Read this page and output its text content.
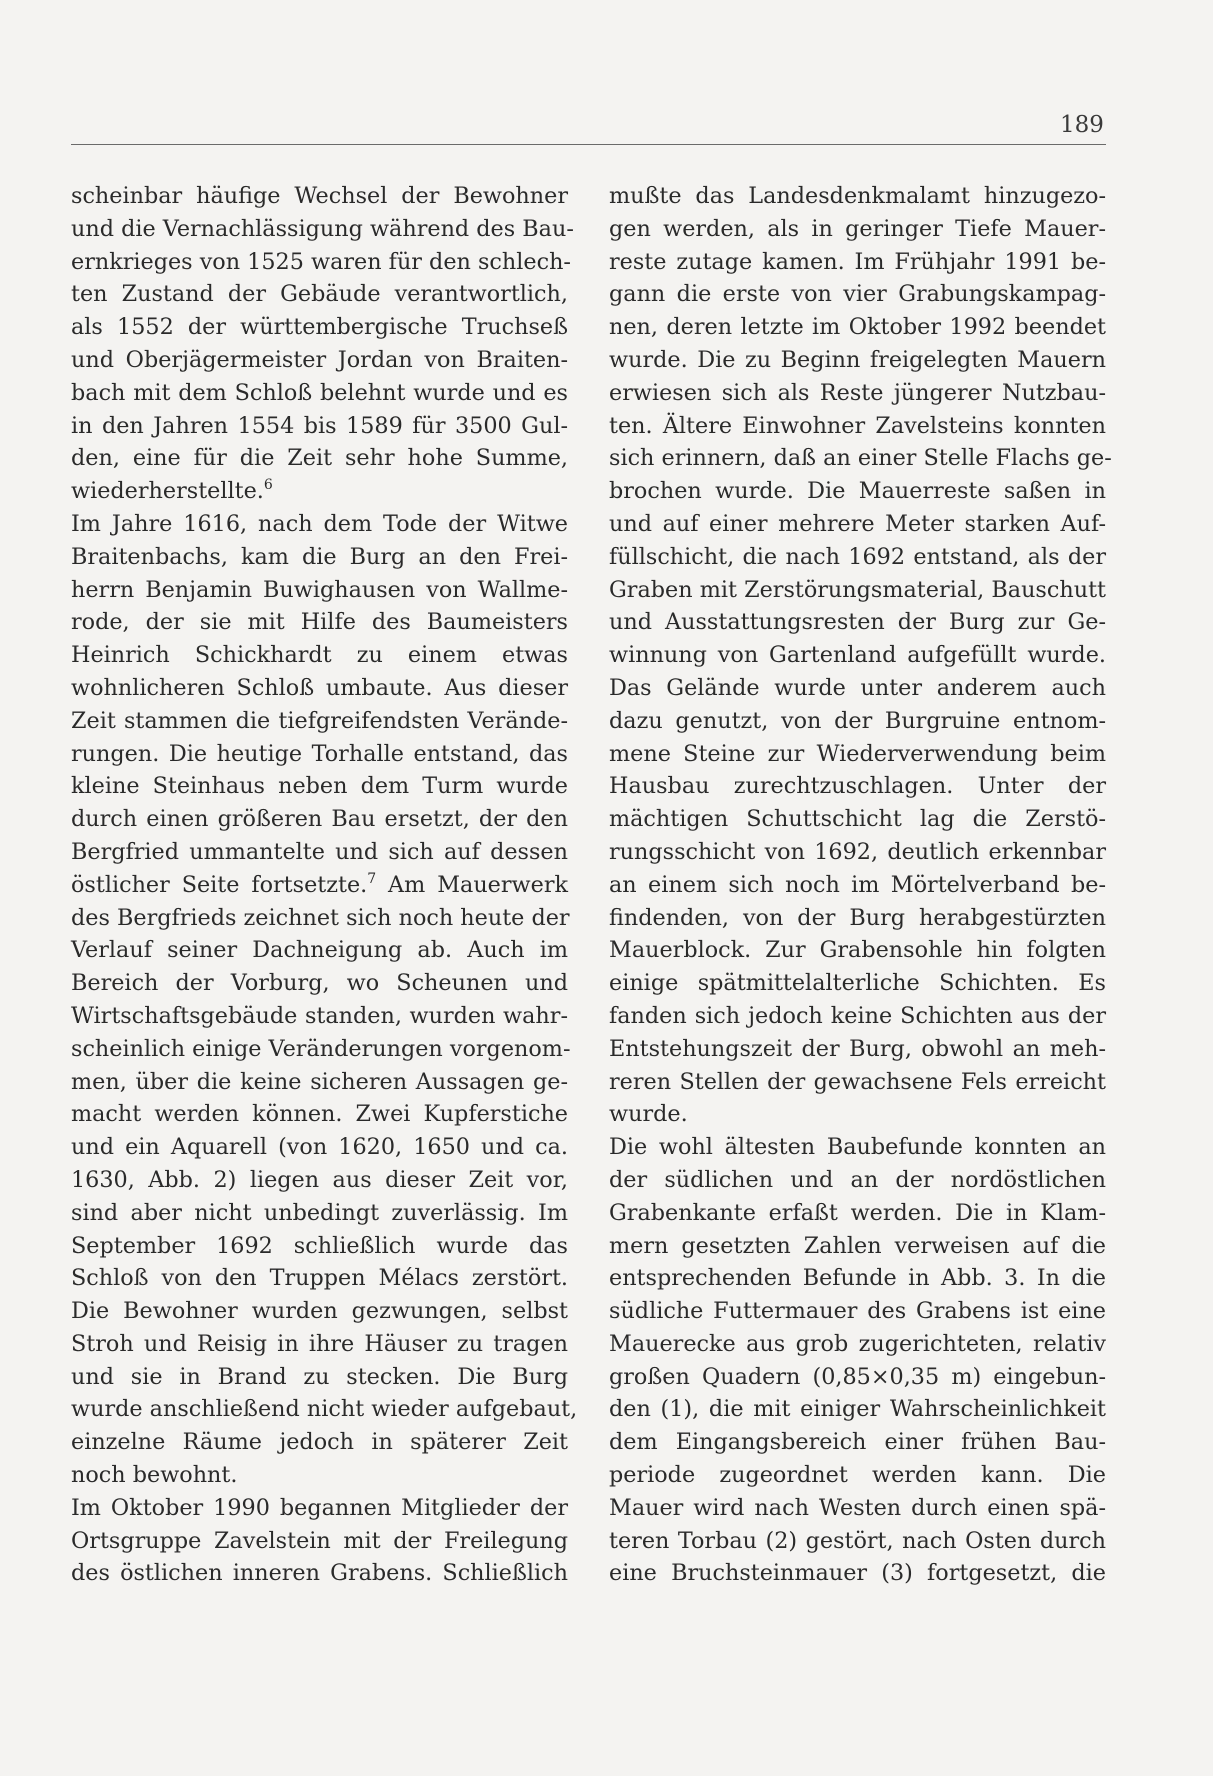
189
scheinbar häufige Wechsel der Bewohner
und die Vernachlässigung während des Bau-
ernkrieges von 1525 waren für den schlech-
ten Zustand der Gebäude verantwortlich,
als 1552 der württembergische Truchseß
und Oberjägermeister Jordan von Braiten-
bach mit dem Schloß belehnt wurde und es
in den Jahren 1554 bis 1589 für 3500 Gul-
den, eine für die Zeit sehr hohe Summe,
wiederherstellte.$^6$
Im Jahre 1616, nach dem Tode der Witwe
Braitenbachs, kam die Burg an den Frei-
herrn Benjamin Buwighausen von Wallme-
rode, der sie mit Hilfe des Baumeisters
Heinrich Schickhardt zu einem etwas
wohnlicheren Schloß umbaute. Aus dieser
Zeit stammen die tiefgreifendsten Verände-
rungen. Die heutige Torhalle entstand, das
kleine Steinhaus neben dem Turm wurde
durch einen größeren Bau ersetzt, der den
Bergfried ummantelte und sich auf dessen
östlicher Seite fortsetzte.$^7$ Am Mauerwerk
des Bergfrieds zeichnet sich noch heute der
Verlauf seiner Dachneigung ab. Auch im
Bereich der Vorburg, wo Scheunen und
Wirtschaftsgebäude standen, wurden wahr-
scheinlich einige Veränderungen vorgenom-
men, über die keine sicheren Aussagen ge-
macht werden können. Zwei Kupferstiche
und ein Aquarell (von 1620, 1650 und ca.
1630, Abb. 2) liegen aus dieser Zeit vor,
sind aber nicht unbedingt zuverlässig. Im
September 1692 schließlich wurde das
Schloß von den Truppen Mélacs zerstört.
Die Bewohner wurden gezwungen, selbst
Stroh und Reisig in ihre Häuser zu tragen
und sie in Brand zu stecken. Die Burg
wurde anschließend nicht wieder aufgebaut,
einzelne Räume jedoch in späterer Zeit
noch bewohnt.
Im Oktober 1990 begannen Mitglieder der
Ortsgruppe Zavelstein mit der Freilegung
des östlichen inneren Grabens. Schließlich
mußte das Landesdenkmalamt hinzugezo-
gen werden, als in geringer Tiefe Mauer-
reste zutage kamen. Im Frühjahr 1991 be-
gann die erste von vier Grabungskampag-
nen, deren letzte im Oktober 1992 beendet
wurde. Die zu Beginn freigelegten Mauern
erwiesen sich als Reste jüngerer Nutzbau-
ten. Ältere Einwohner Zavelsteins konnten
sich erinnern, daß an einer Stelle Flachs ge-
brochen wurde. Die Mauerreste saßen in
und auf einer mehrere Meter starken Auf-
füllschicht, die nach 1692 entstand, als der
Graben mit Zerstörungsmaterial, Bauschutt
und Ausstattungsresten der Burg zur Ge-
winnung von Gartenland aufgefüllt wurde.
Das Gelände wurde unter anderem auch
dazu genutzt, von der Burgruine entnom-
mene Steine zur Wiederverwendung beim
Hausbau zurechtzuschlagen. Unter der
mächtigen Schuttschicht lag die Zerstö-
rungsschicht von 1692, deutlich erkennbar
an einem sich noch im Mörtelverband be-
findenden, von der Burg herabgestürzten
Mauerblock. Zur Grabensohle hin folgten
einige spätmittelalterliche Schichten. Es
fanden sich jedoch keine Schichten aus der
Entstehungszeit der Burg, obwohl an meh-
reren Stellen der gewachsene Fels erreicht
wurde.
Die wohl ältesten Baubefunde konnten an
der südlichen und an der nordöstlichen
Grabenkante erfaßt werden. Die in Klam-
mern gesetzten Zahlen verweisen auf die
entsprechenden Befunde in Abb. 3. In die
südliche Futtermauer des Grabens ist eine
Mauerecke aus grob zugerichteten, relativ
großen Quadern (0,85×0,35 m) eingebun-
den (1), die mit einiger Wahrscheinlichkeit
dem Eingangsbereich einer frühen Bau-
periode zugeordnet werden kann. Die
Mauer wird nach Westen durch einen spä-
teren Torbau (2) gestört, nach Osten durch
eine Bruchsteinmauer (3) fortgesetzt, die
